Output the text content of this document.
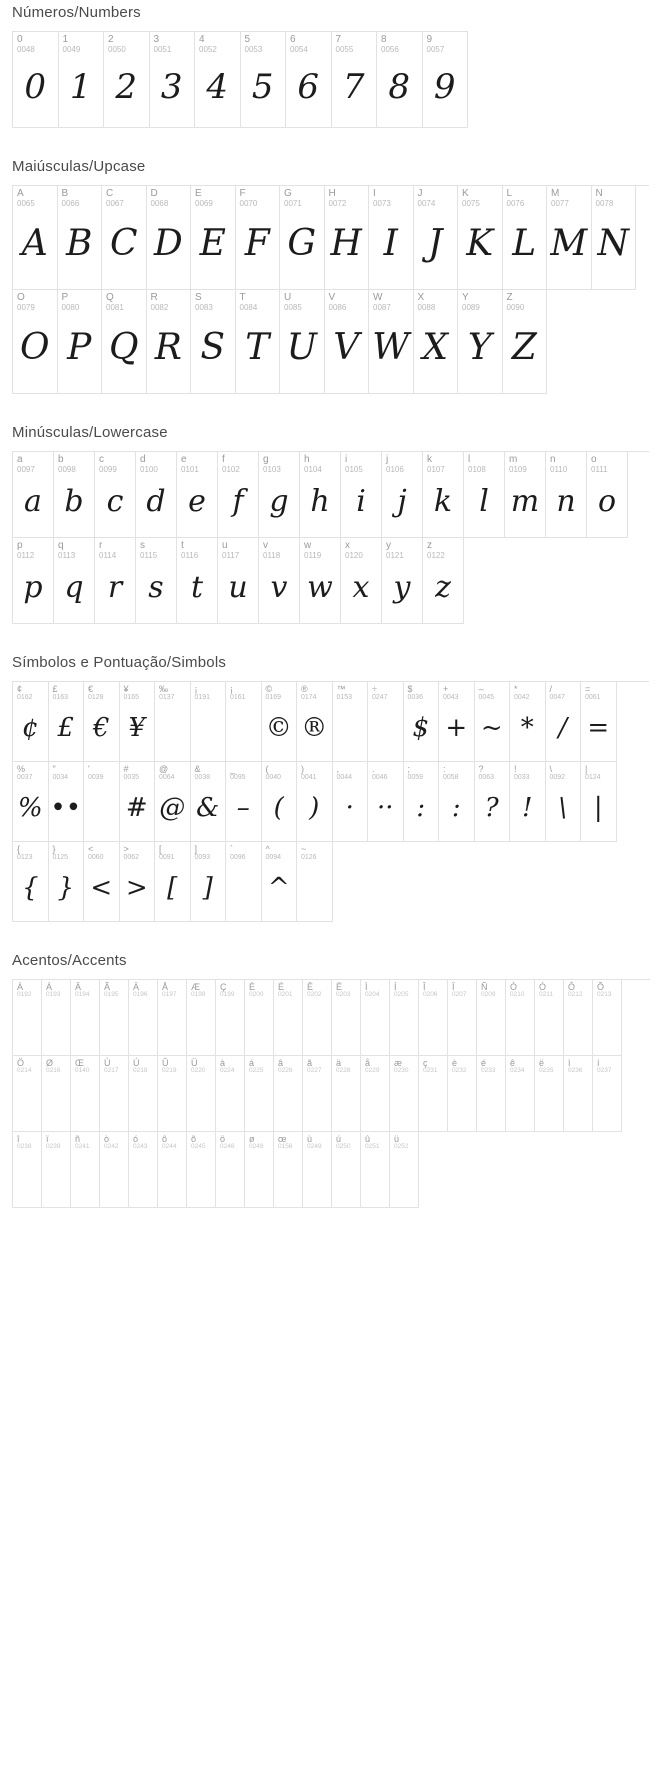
Números/Numbers
0
0048
0
1
0049
1
2
0050
2
3
0051
3
4
0052
4
5
0053
5
6
0054
6
7
0055
7
8
0056
8
9
0057
9
Maiúsculas/Upcase
A
0065
A
B
0066
B
C
0067
C
D
0068
D
E
0069
E
F
0070
F
G
0071
G
H
0072
H
I
0073
I
J
0074
J
K
0075
K
L
0076
L
M
0077
M
N
0078
N
O
0079
O
P
0080
P
Q
0081
Q
R
0082
R
S
0083
S
T
0084
T
U
0085
U
V
0086
V
W
0087
W
X
0088
X
Y
0089
Y
Z
0090
Z
Minúsculas/Lowercase
a
0097
a
b
0098
b
c
0099
c
d
0100
d
e
0101
e
f
0102
f
g
0103
g
h
0104
h
i
0105
i
j
0106
j
k
0107
k
l
0108
l
m
0109
m
n
0110
n
o
0111
o
p
0112
p
q
0113
q
r
0114
r
s
0115
s
t
0116
t
u
0117
u
v
0118
v
w
0119
w
x
0120
x
y
0121
y
z
0122
z
Símbolos e Pontuação/Simbols
¢
0162
¢
£
0163
£
€
0128
€
¥
0165
¥
‰
0137
¡
0191
¡
0161
©
0169
©
®
0174
®
™
0153
÷
0247
$
0036
$
+
0043
+
–
0045
~
*
0042
*
/
0047
/
=
0061
=
%
0037
%
"
0034
••
'
0039
#
0035
#
@
0064
@
&
0038
&
_
0095
–
(
0040
(
)
0041
)
,
0044
·
.
0046
··
;
0059
:
:
0058
:
?
0063
?
!
0033
!
\
0092
\
|
0124
|
{
0123
{
}
0125
}
<
0060
<
>
0062
>
[
0091
[
]
0093
]
`
0096
^
0094
^
~
0126
Acentos/Accents
À
0192
Á
0193
Â
0194
Ã
0195
Ä
0196
Å
0197
Æ
0198
Ç
0199
È
0200
É
0201
Ê
0202
Ë
0203
Ì
0204
Í
0205
Î
0206
Ï
0207
Ñ
0209
Ò
0210
Ó
0211
Ô
0212
Õ
0213
Ö
0214
Ø
0216
Œ
0140
Ù
0217
Ú
0218
Û
0219
Ü
0220
à
0224
á
0225
â
0226
ã
0227
ä
0228
å
0229
æ
0230
ç
0231
è
0232
é
0233
ê
0234
ë
0235
ì
0236
í
0237
î
0238
ï
0239
ñ
0241
ò
0242
ó
0243
ô
0244
õ
0245
ö
0246
ø
0248
œ
0156
ù
0249
ú
0250
û
0251
ü
0252
